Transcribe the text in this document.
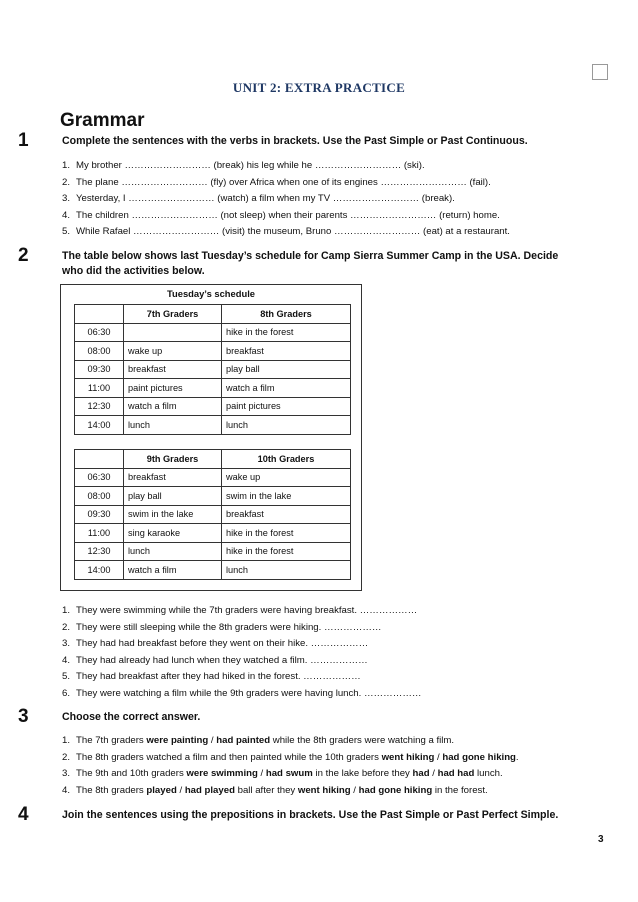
UNIT 2: EXTRA PRACTICE
Grammar
1	Complete the sentences with the verbs in brackets. Use the Past Simple or Past Continuous.
1. My brother ……………………… (break) his leg while he ……………………… (ski).
2. The plane ……………………… (fly) over Africa when one of its engines ……………………… (fail).
3. Yesterday, I ……………………… (watch) a film when my TV ……………………… (break).
4. The children ……………………… (not sleep) when their parents ……………………… (return) home.
5. While Rafael ……………………… (visit) the museum, Bruno ……………………… (eat) at a restaurant.
2	The table below shows last Tuesday’s schedule for Camp Sierra Summer Camp in the USA. Decide who did the activities below.
Tuesday’s schedule
	7th Graders	8th Graders
06:30		hike in the forest
08:00	wake up	breakfast
09:30	breakfast	play ball
11:00	paint pictures	watch a film
12:30	watch a film	paint pictures
14:00	lunch	lunch
	9th Graders	10th Graders
06:30	breakfast	wake up
08:00	play ball	swim in the lake
09:30	swim in the lake	breakfast
11:00	sing karaoke	hike in the forest
12:30	lunch	hike in the forest
14:00	watch a film	lunch
1. They were swimming while the 7th graders were having breakfast. ………………
2. They were still sleeping while the 8th graders were hiking. ………………
3. They had had breakfast before they went on their hike. ………………
4. They had already had lunch when they watched a film. ………………
5. They had breakfast after they had hiked in the forest. ………………
6. They were watching a film while the 9th graders were having lunch. ………………
3	Choose the correct answer.
1. The 7th graders were painting / had painted while the 8th graders were watching a film.
2. The 8th graders watched a film and then painted while the 10th graders went hiking / had gone hiking.
3. The 9th and 10th graders were swimming / had swum in the lake before they had / had had lunch.
4. The 8th graders played / had played ball after they went hiking / had gone hiking in the forest.
4	Join the sentences using the prepositions in brackets. Use the Past Simple or Past Perfect Simple.
3
